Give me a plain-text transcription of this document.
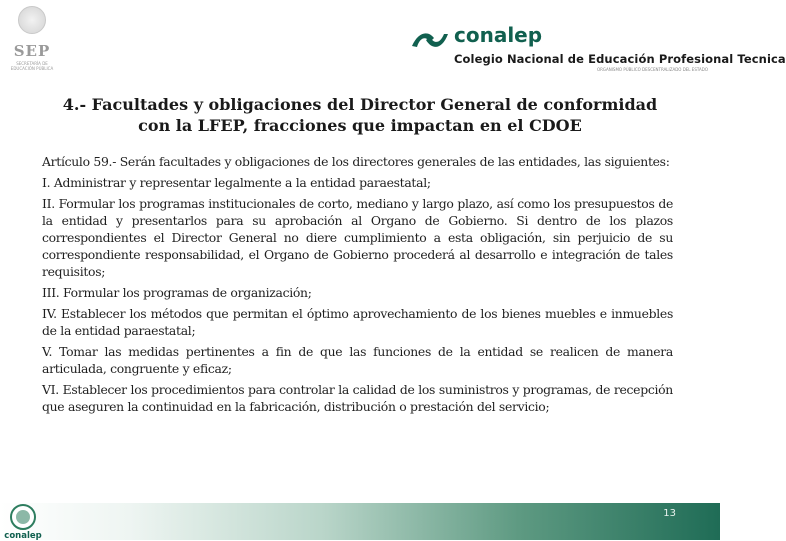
SEP
SECRETARÍA DE EDUCACIÓN PÚBLICA
conalep
Colegio Nacional de Educación Profesional Tecnica
ORGANISMO PÚBLICO DESCENTRALIZADO DEL ESTADO
4.- Facultades y obligaciones del Director General de conformidad
con la LFEP, fracciones que impactan en el CDOE

Artículo 59.- Serán facultades y obligaciones de los directores generales de las entidades, las siguientes:

I. Administrar y representar legalmente a la entidad paraestatal;

II. Formular los programas institucionales de corto, mediano y largo plazo, así como los presupuestos de la entidad y presentarlos para su aprobación al Organo de Gobierno. Si dentro de los plazos correspondientes el Director General no diere cumplimiento a esta obligación, sin perjuicio de su correspondiente responsabilidad, el Organo de Gobierno procederá al desarrollo e integración de tales requisitos;

III. Formular los programas de organización;

IV. Establecer los métodos que permitan el óptimo aprovechamiento de los bienes muebles e inmuebles de la entidad paraestatal;

V. Tomar las medidas pertinentes a fin de que las funciones de la entidad se realicen de manera articulada, congruente y eficaz;

VI. Establecer los procedimientos para controlar la calidad de los suministros y programas, de recepción que aseguren la continuidad en la fabricación, distribución o prestación del servicio;

conalep
13
